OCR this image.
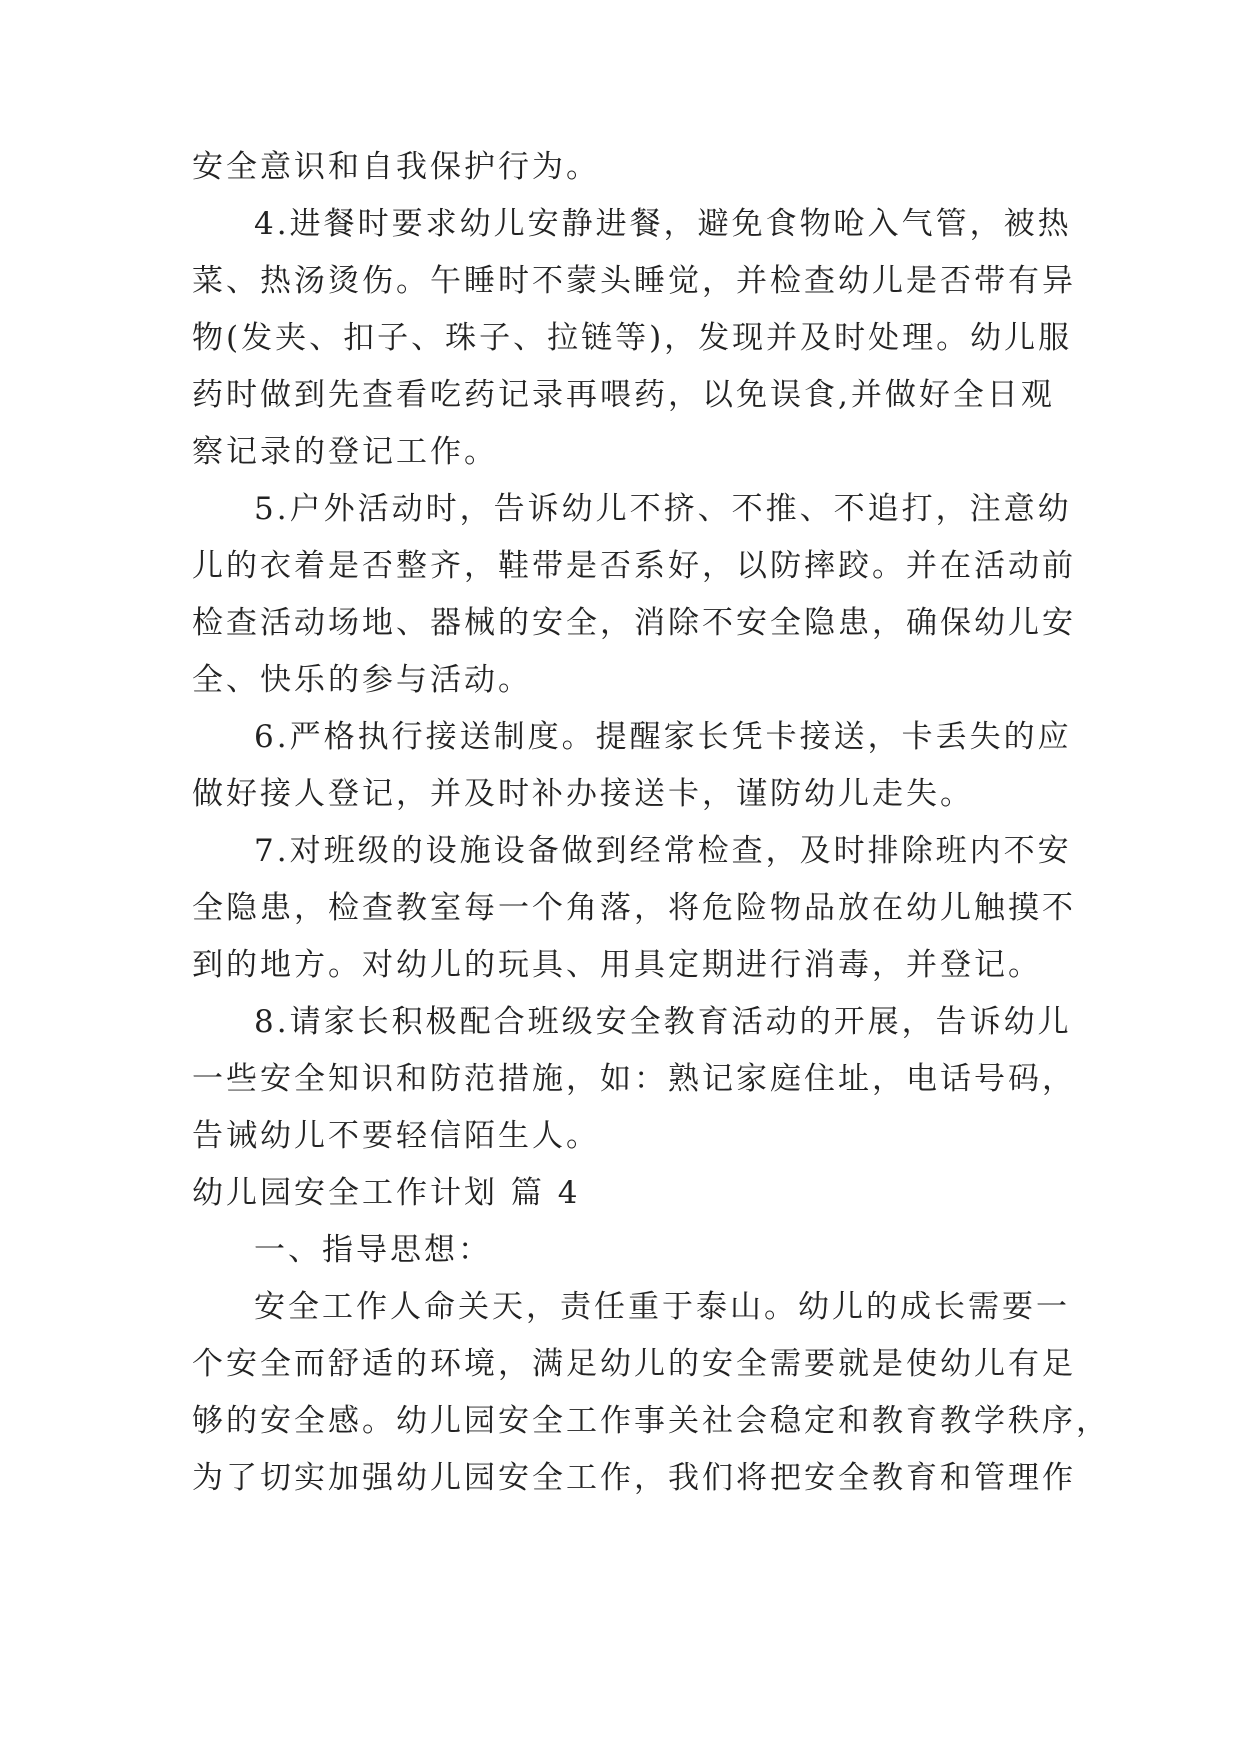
安全意识和自我保护行为。
4.进餐时要求幼儿安静进餐，避免食物呛入气管，被热
菜、热汤烫伤。午睡时不蒙头睡觉，并检查幼儿是否带有异
物(发夹、扣子、珠子、拉链等)，发现并及时处理。幼儿服
药时做到先查看吃药记录再喂药，以免误食,并做好全日观
察记录的登记工作。
5.户外活动时，告诉幼儿不挤、不推、不追打，注意幼
儿的衣着是否整齐，鞋带是否系好，以防摔跤。并在活动前
检查活动场地、器械的安全，消除不安全隐患，确保幼儿安
全、快乐的参与活动。
6.严格执行接送制度。提醒家长凭卡接送，卡丢失的应
做好接人登记，并及时补办接送卡，谨防幼儿走失。
7.对班级的设施设备做到经常检查，及时排除班内不安
全隐患，检查教室每一个角落，将危险物品放在幼儿触摸不
到的地方。对幼儿的玩具、用具定期进行消毒，并登记。
8.请家长积极配合班级安全教育活动的开展，告诉幼儿
一些安全知识和防范措施，如：熟记家庭住址，电话号码，
告诫幼儿不要轻信陌生人。
幼儿园安全工作计划 篇 4
一、指导思想：
安全工作人命关天，责任重于泰山。幼儿的成长需要一
个安全而舒适的环境，满足幼儿的安全需要就是使幼儿有足
够的安全感。幼儿园安全工作事关社会稳定和教育教学秩序，
为了切实加强幼儿园安全工作，我们将把安全教育和管理作
